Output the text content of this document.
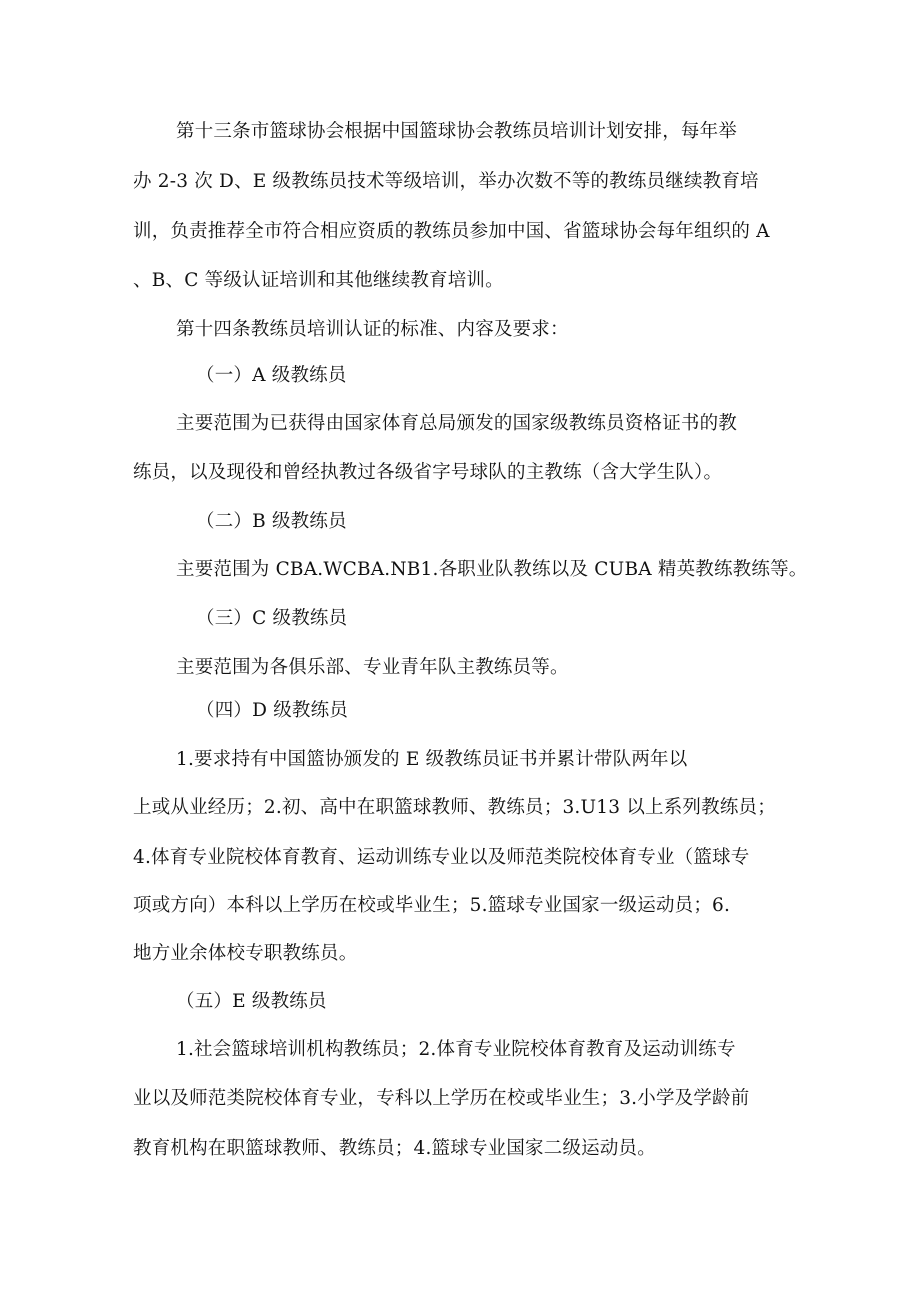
第十三条市篮球协会根据中国篮球协会教练员培训计划安排，每年举
办 2-3 次 D、E 级教练员技术等级培训，举办次数不等的教练员继续教育培
训，负责推荐全市符合相应资质的教练员参加中国、省篮球协会每年组织的 A
、B、C 等级认证培训和其他继续教育培训。
第十四条教练员培训认证的标准、内容及要求：
（一）A 级教练员
主要范围为已获得由国家体育总局颁发的国家级教练员资格证书的教
练员，以及现役和曾经执教过各级省字号球队的主教练（含大学生队）。
（二）B 级教练员
主要范围为 CBA.WCBA.NB1.各职业队教练以及 CUBA 精英教练教练等。
（三）C 级教练员
主要范围为各俱乐部、专业青年队主教练员等。
（四）D 级教练员
1.要求持有中国篮协颁发的 E 级教练员证书并累计带队两年以
上或从业经历；2.初、高中在职篮球教师、教练员；3.U13 以上系列教练员；
4.体育专业院校体育教育、运动训练专业以及师范类院校体育专业（篮球专
项或方向）本科以上学历在校或毕业生；5.篮球专业国家一级运动员；6.
地方业余体校专职教练员。
（五）E 级教练员
1.社会篮球培训机构教练员；2.体育专业院校体育教育及运动训练专
业以及师范类院校体育专业，专科以上学历在校或毕业生；3.小学及学龄前
教育机构在职篮球教师、教练员；4.篮球专业国家二级运动员。
